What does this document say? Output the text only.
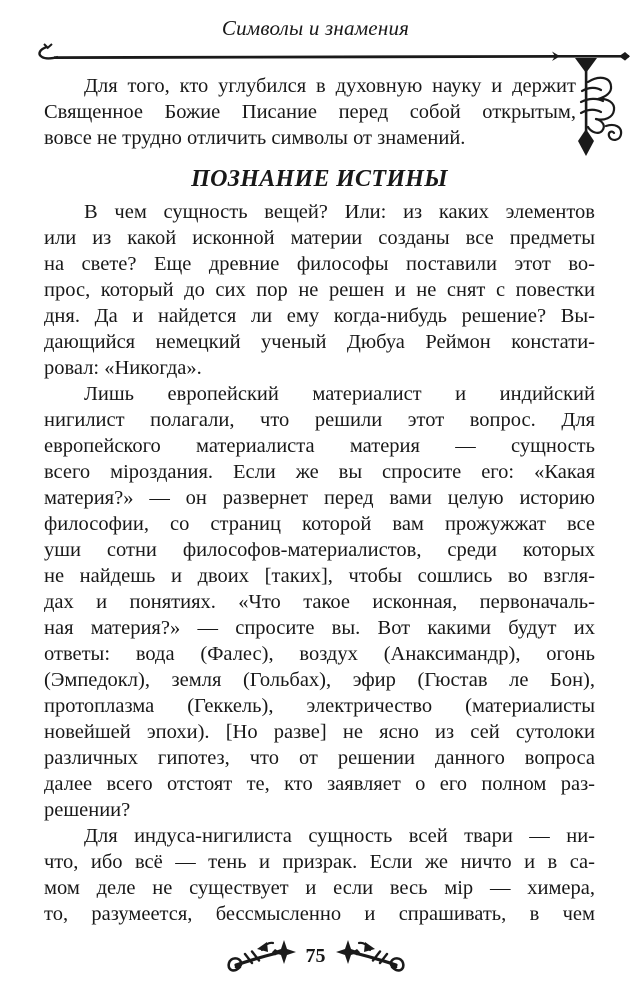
Символы и знамения
Для того, кто углубился в духовную науку и держит
Священное Божие Писание перед собой открытым,
вовсе не трудно отличить символы от знамений.
ПОЗНАНИЕ ИСТИНЫ
В чем сущность вещей? Или: из каких элементов
или из какой исконной материи созданы все предметы
на свете? Еще древние философы поставили этот во-
прос, который до сих пор не решен и не снят с повестки
дня. Да и найдется ли ему когда-нибудь решение? Вы-
дающийся немецкий ученый Дюбуа Реймон констати-
ровал: «Никогда».
Лишь европейский материалист и индийский
нигилист полагали, что решили этот вопрос. Для
европейского материалиста материя — сущность
всего мiроздания. Если же вы спросите его: «Какая
материя?» — он развернет перед вами целую историю
философии, со страниц которой вам прожужжат все
уши сотни философов-материалистов, среди которых
не найдешь и двоих [таких], чтобы сошлись во взгля-
дах и понятиях. «Что такое исконная, первоначаль-
ная материя?» — спросите вы. Вот какими будут их
ответы: вода (Фалес), воздух (Анаксимандр), огонь
(Эмпедокл), земля (Гольбах), эфир (Гюстав ле Бон),
протоплазма (Геккель), электричество (материалисты
новейшей эпохи). [Но разве] не ясно из сей сутолоки
различных гипотез, что от решении данного вопроса
далее всего отстоят те, кто заявляет о его полном раз-
решении?
Для индуса-нигилиста сущность всей твари — ни-
что, ибо всё — тень и призрак. Если же ничто и в са-
мом деле не существует и если весь мiр — химера,
то, разумеется, бессмысленно и спрашивать, в чем
75
